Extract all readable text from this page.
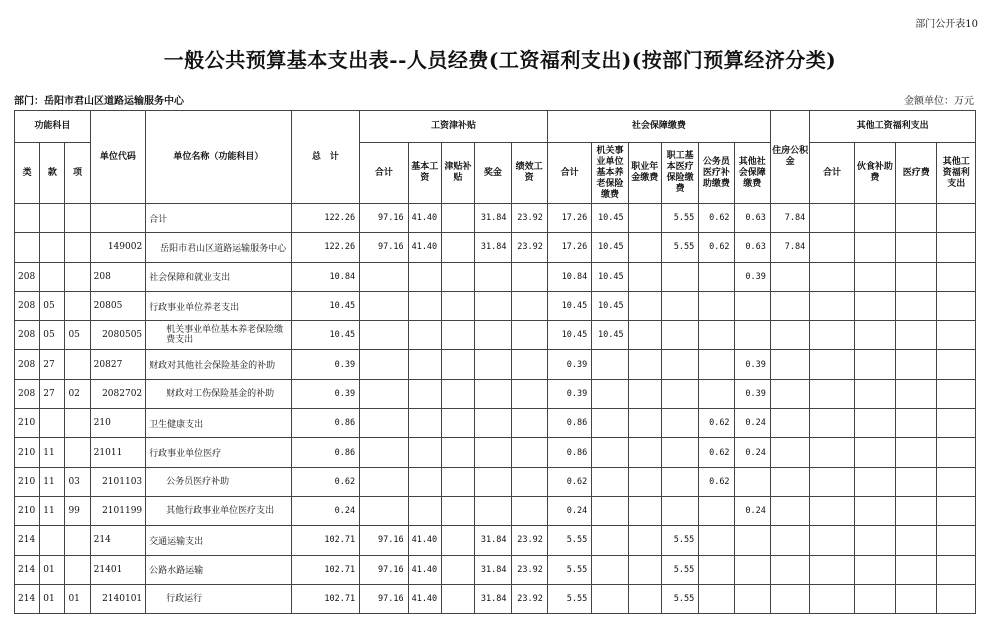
部门公开表10
一般公共预算基本支出表--人员经费(工资福利支出)(按部门预算经济分类)
部门：岳阳市君山区道路运输服务中心	金额单位：万元
功能科目			单位代码	单位名称（功能科目）	总　计	工资津补贴					社会保障缴费						住房公积金	其他工资福利支出			
类	款	项				合计	基本工资	津贴补贴	奖金	绩效工资	合计	机关事业单位基本养老保险缴费	职业年金缴费	职工基本医疗保险缴费	公务员医疗补助缴费	其他社会保障缴费		合计	伙食补助费	医疗费	其他工资福利支出
				合计	122.26	97.16	41.40		31.84	23.92	17.26	10.45		5.55	0.62	0.63	7.84				
			149002	岳阳市君山区道路运输服务中心	122.26	97.16	41.40		31.84	23.92	17.26	10.45		5.55	0.62	0.63	7.84				
208			208	社会保障和就业支出	10.84						10.84	10.45				0.39					
208	05		20805	行政事业单位养老支出	10.45						10.45	10.45									
208	05	05	2080505	机关事业单位基本养老保险缴费支出	10.45						10.45	10.45									
208	27		20827	财政对其他社会保险基金的补助	0.39						0.39					0.39					
208	27	02	2082702	财政对工伤保险基金的补助	0.39						0.39					0.39					
210			210	卫生健康支出	0.86						0.86				0.62	0.24					
210	11		21011	行政事业单位医疗	0.86						0.86				0.62	0.24					
210	11	03	2101103	公务员医疗补助	0.62						0.62				0.62						
210	11	99	2101199	其他行政事业单位医疗支出	0.24						0.24					0.24					
214			214	交通运输支出	102.71	97.16	41.40		31.84	23.92	5.55			5.55							
214	01		21401	公路水路运输	102.71	97.16	41.40		31.84	23.92	5.55			5.55							
214	01	01	2140101	行政运行	102.71	97.16	41.40		31.84	23.92	5.55			5.55							
